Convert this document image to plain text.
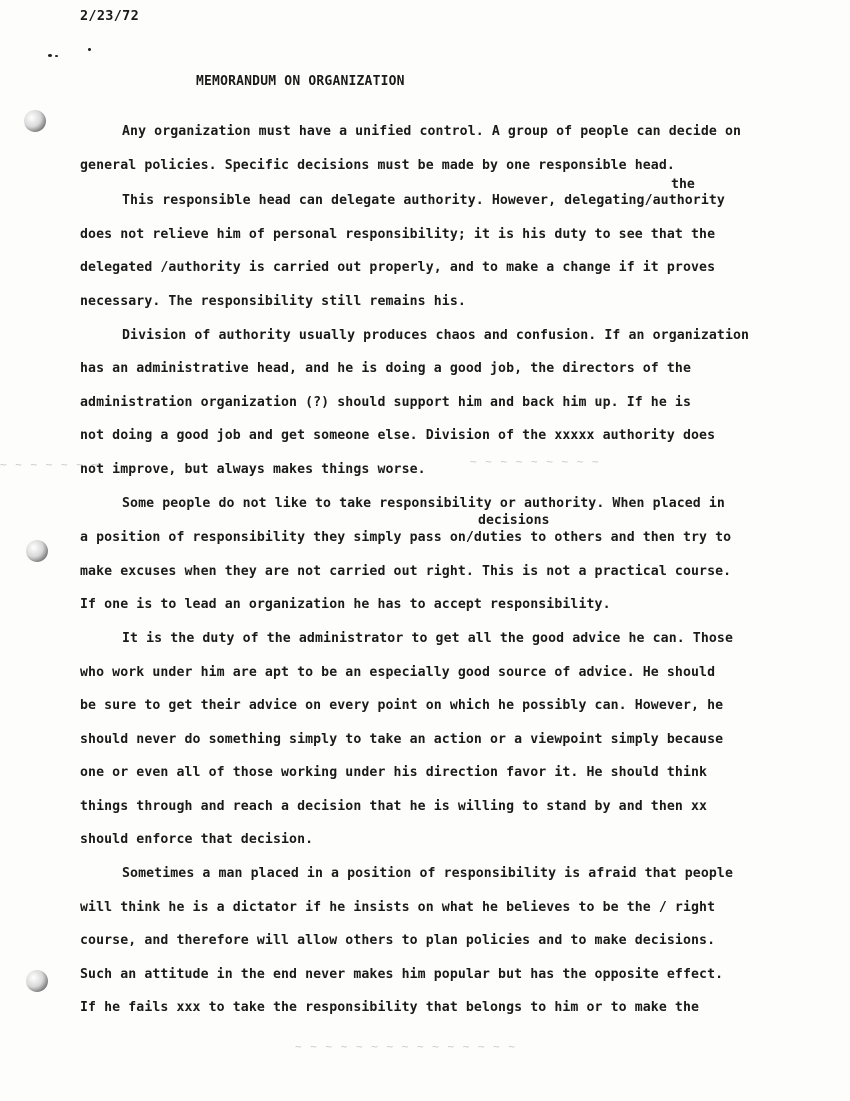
~ ~ ~ ~ ~ ~ ~ ~ ~
~ ~ ~ ~ ~ ~ ~ ~ ~ ~ ~ ~ ~ ~ ~
~ ~ ~ ~ ~ ~ ~
2/23/72
MEMORANDUM ON ORGANIZATION
Any organization must have a unified control. A group of people can decide on
general policies. Specific decisions must be made by one responsible head.
the
This responsible head can delegate authority. However, delegating/authority
does not relieve him of personal responsibility; it is his duty to see that the
delegated /authority is carried out properly, and to make a change if it proves
necessary. The responsibility still remains his.
Division of authority usually produces chaos and confusion. If an organization
has an administrative head, and he is doing a good job, the directors of the
administration organization (?) should support him and back him up. If he is
not doing a good job and get someone else. Division of the xxxxx authority does
not improve, but always makes things worse.
Some people do not like to take responsibility or authority. When placed in
decisions
a position of responsibility they simply pass on/duties to others and then try to
make excuses when they are not carried out right. This is not a practical course.
If one is to lead an organization he has to accept responsibility.
It is the duty of the administrator to get all the good advice he can. Those
who work under him are apt to be an especially good source of advice. He should
be sure to get their advice on every point on which he possibly can. However, he
should never do something simply to take an action or a viewpoint simply because
one or even all of those working under his direction favor it. He should think
things through and reach a decision that he is willing to stand by and then xx
should enforce that decision.
Sometimes a man placed in a position of responsibility is afraid that people
will think he is a dictator if he insists on what he believes to be the / right
course, and therefore will allow others to plan policies and to make decisions.
Such an attitude in the end never makes him popular but has the opposite effect.
If he fails xxx to take the responsibility that belongs to him or to make the
